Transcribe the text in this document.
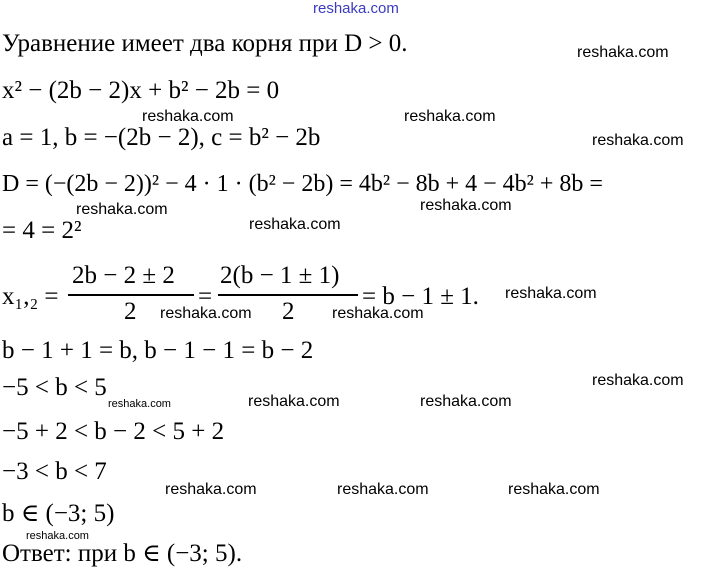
reshaka.com
Уравнение имеет два корня при D > 0.
x² − (2b − 2)x + b² − 2b = 0
a = 1, b = −(2b − 2), c = b² − 2b
D = (−(2b − 2))² − 4 · 1 · (b² − 2b) = 4b² − 8b + 4 − 4b² + 8b =
= 4 = 2²
x₁,₂ =
2b − 2 ± 2
2
=
2(b − 1 ± 1)
2
= b − 1 ± 1.
b − 1 + 1 = b, b − 1 − 1 = b − 2
−5 < b < 5
−5 + 2 < b − 2 < 5 + 2
−3 < b < 7
b ∈ (−3; 5)
Ответ: при b ∈ (−3; 5).
reshaka.com
reshaka.com	reshaka.com
reshaka.com
reshaka.com	reshaka.com
reshaka.com
reshaka.com
reshaka.com	reshaka.com
reshaka.com
reshaka.com	reshaka.com	reshaka.com
reshaka.com	reshaka.com	reshaka.com
reshaka.com
